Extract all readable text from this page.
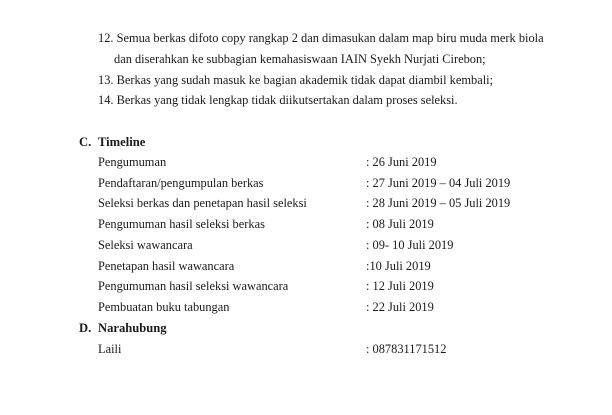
12. Semua berkas difoto copy rangkap 2 dan dimasukan dalam map biru muda merk biola
dan diserahkan ke subbagian kemahasiswaan IAIN Syekh Nurjati Cirebon;
13. Berkas yang sudah masuk ke bagian akademik tidak dapat diambil kembali;
14. Berkas yang tidak lengkap tidak diikutsertakan dalam proses seleksi.
C. Timeline
Pengumuman	: 26 Juni 2019
Pendaftaran/pengumpulan berkas	: 27 Juni 2019 – 04 Juli 2019
Seleksi berkas dan penetapan hasil seleksi	: 28 Juni 2019 – 05 Juli 2019
Pengumuman hasil seleksi berkas	: 08 Juli 2019
Seleksi wawancara	: 09- 10 Juli 2019
Penetapan hasil wawancara	:10 Juli 2019
Pengumuman hasil seleksi wawancara	: 12 Juli 2019
Pembuatan buku tabungan	: 22 Juli 2019
D. Narahubung
Laili	: 087831171512
